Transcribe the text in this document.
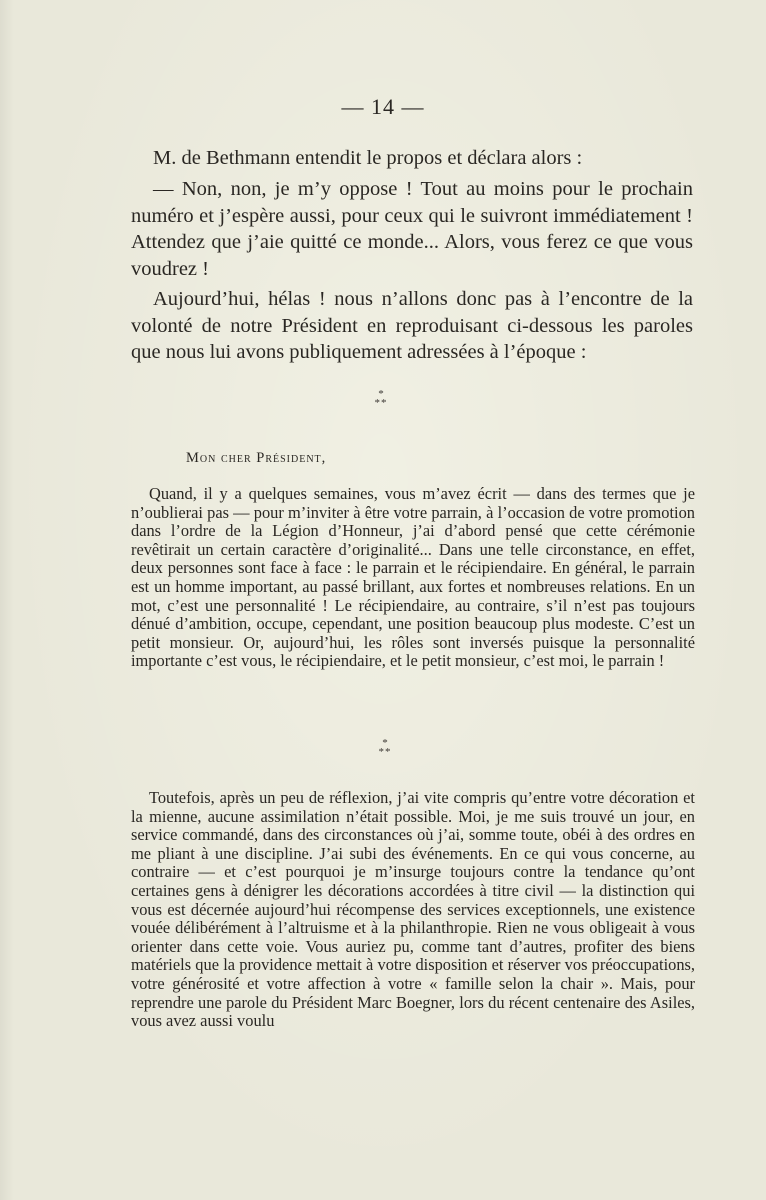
— 14 —

M. de Bethmann entendit le propos et déclara alors :

— Non, non, je m’y oppose ! Tout au moins pour le prochain numéro et j’espère aussi, pour ceux qui le suivront immédiatement ! Attendez que j’aie quitté ce monde... Alors, vous ferez ce que vous voudrez !

Aujourd’hui, hélas ! nous n’allons donc pas à l’encontre de la volonté de notre Président en reproduisant ci-dessous les paroles que nous lui avons publiquement adressées à l’époque :

*
**
Mon cher Président,

Quand, il y a quelques semaines, vous m’avez écrit — dans des termes que je n’oublierai pas — pour m’inviter à être votre parrain, à l’occasion de votre promotion dans l’ordre de la Légion d’Honneur, j’ai d’abord pensé que cette cérémonie revêtirait un certain caractère d’originalité... Dans une telle circonstance, en effet, deux personnes sont face à face : le parrain et le récipiendaire. En général, le parrain est un homme important, au passé brillant, aux fortes et nombreuses relations. En un mot, c’est une personnalité ! Le récipiendaire, au contraire, s’il n’est pas toujours dénué d’ambition, occupe, cependant, une position beaucoup plus modeste. C’est un petit monsieur. Or, aujourd’hui, les rôles sont inversés puisque la personnalité importante c’est vous, le récipiendaire, et le petit monsieur, c’est moi, le parrain !

*
**

Toutefois, après un peu de réflexion, j’ai vite compris qu’entre votre décoration et la mienne, aucune assimilation n’était possible. Moi, je me suis trouvé un jour, en service commandé, dans des circonstances où j’ai, somme toute, obéi à des ordres en me pliant à une discipline. J’ai subi des événements. En ce qui vous concerne, au contraire — et c’est pourquoi je m’insurge toujours contre la tendance qu’ont certaines gens à dénigrer les décorations accordées à titre civil — la distinction qui vous est décernée aujourd’hui récompense des services exceptionnels, une existence vouée délibérément à l’altruisme et à la philanthropie. Rien ne vous obligeait à vous orienter dans cette voie. Vous auriez pu, comme tant d’autres, profiter des biens matériels que la providence mettait à votre disposition et réserver vos préoccupations, votre générosité et votre affection à votre « famille selon la chair ». Mais, pour reprendre une parole du Président Marc Boegner, lors du récent centenaire des Asiles, vous avez aussi voulu
